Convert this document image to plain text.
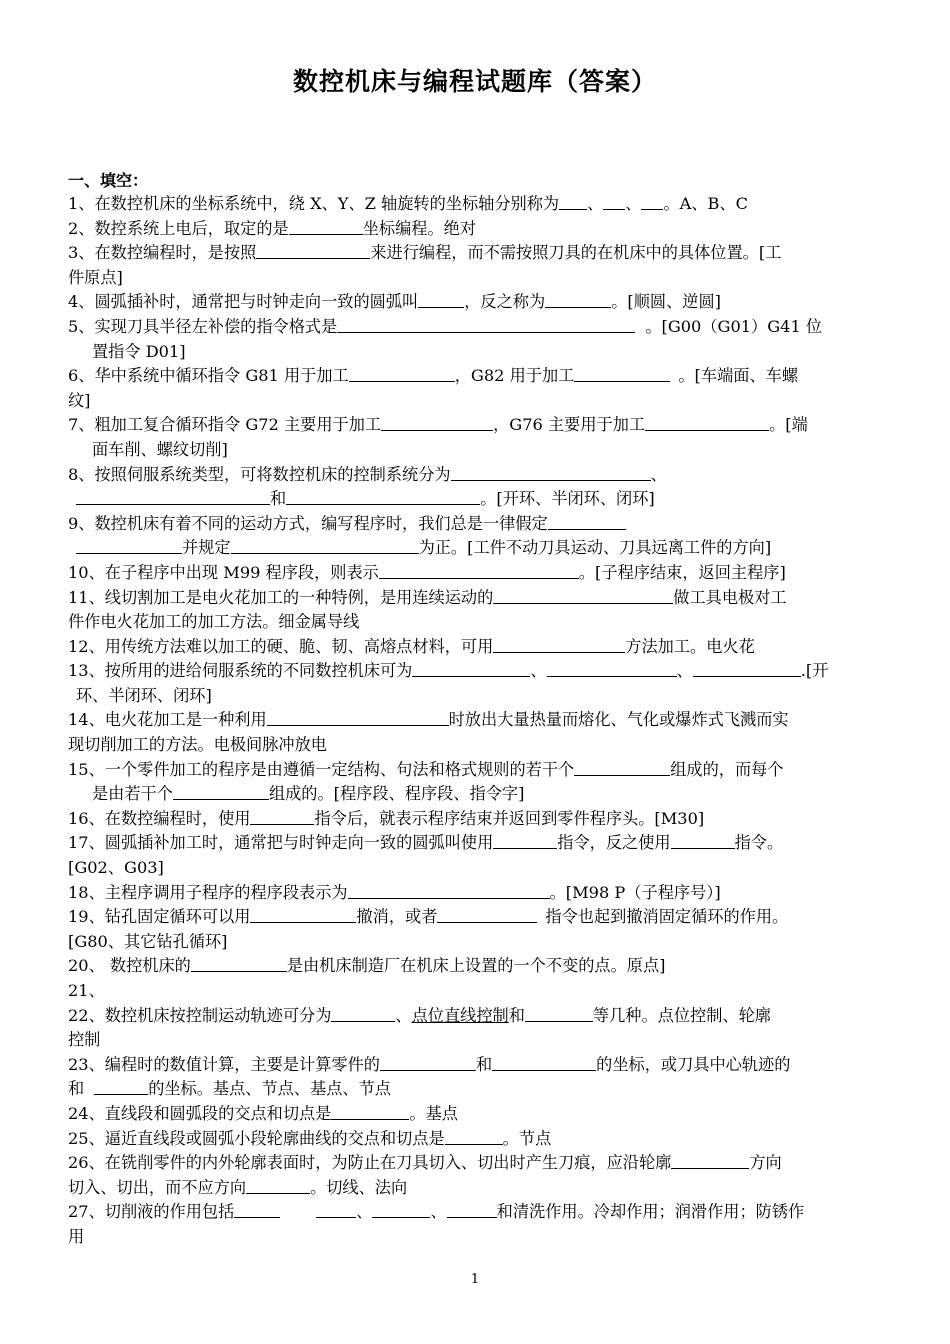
数控机床与编程试题库（答案）
一、填空：
1、在数控机床的坐标系统中，绕 X、Y、Z 轴旋转的坐标轴分别称为 、 、 。A、B、C
2、数控系统上电后，取定的是	坐标编程。绝对
3、在数控编程时，是按照	来进行编程，而不需按照刀具的在机床中的具体位置。[工
件原点]
4、圆弧插补时，通常把与时钟走向一致的圆弧叫	，反之称为	。[顺圆、逆圆]
5、实现刀具半径左补偿的指令格式是	。[G00（G01）G41 位
置指令 D01]
6、华中系统中循环指令 G81 用于加工	，G82 用于加工	。[车端面、车螺
纹]
7、粗加工复合循环指令 G72 主要用于加工	，G76 主要用于加工	。[端
面车削、螺纹切削]
8、按照伺服系统类型，可将数控机床的控制系统分为	、
和	。[开环、半闭环、闭环]
9、数控机床有着不同的运动方式，编写程序时，我们总是一律假定
并规定	为正。[工件不动刀具运动、刀具远离工件的方向]
10、在子程序中出现 M99 程序段，则表示	。[子程序结束，返回主程序]
11、线切割加工是电火花加工的一种特例，是用连续运动的	做工具电极对工
件作电火花加工的加工方法。细金属导线
12、用传统方法难以加工的硬、脆、韧、高熔点材料，可用	方法加工。电火花
13、按所用的进给伺服系统的不同数控机床可为	、	、	.[开
环、半闭环、闭环]
14、电火花加工是一种利用	时放出大量热量而熔化、气化或爆炸式飞溅而实
现切削加工的方法。电极间脉冲放电
15、一个零件加工的程序是由遵循一定结构、句法和格式规则的若干个	组成的，而每个
是由若干个	组成的。[程序段、程序段、指令字]
16、在数控编程时，使用	指令后，就表示程序结束并返回到零件程序头。[M30]
17、圆弧插补加工时，通常把与时钟走向一致的圆弧叫使用	指令，反之使用	指令。
[G02、G03]
18、主程序调用子程序的程序段表示为	。[M98 P（子程序号）]
19、钻孔固定循环可以用	撤消，或者	指令也起到撤消固定循环的作用。
[G80、其它钻孔循环]
20、 数控机床的	是由机床制造厂在机床上设置的一个不变的点。原点]
21、
22、数控机床按控制运动轨迹可分为	、点位直线控制和	等几种。点位控制、轮廓
控制
23、编程时的数值计算，主要是计算零件的	和	的坐标，或刀具中心轨迹的
和	的坐标。基点、节点、基点、节点
24、直线段和圆弧段的交点和切点是	。基点
25、逼近直线段或圆弧小段轮廓曲线的交点和切点是	。节点
26、在铣削零件的内外轮廓表面时，为防止在刀具切入、切出时产生刀痕，应沿轮廓	方向
切入、切出，而不应方向	。切线、法向
27、切削液的作用包括	、	、	和清洗作用。冷却作用；润滑作用；防锈作
用
1
